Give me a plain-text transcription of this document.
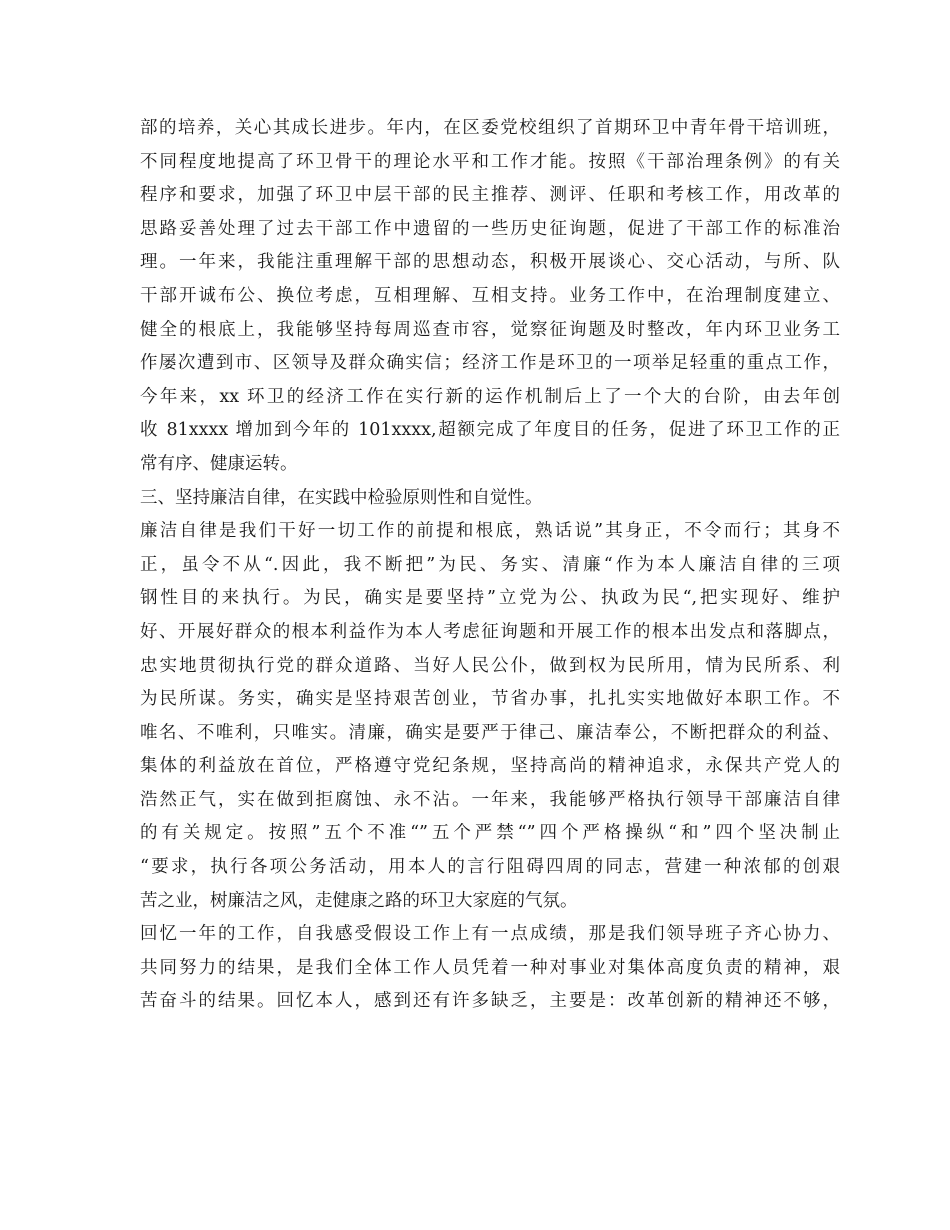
部的培养，关心其成长进步。年内，在区委党校组织了首期环卫中青年骨干培训班，
不同程度地提高了环卫骨干的理论水平和工作才能。按照《干部治理条例》的有关
程序和要求，加强了环卫中层干部的民主推荐、测评、任职和考核工作，用改革的
思路妥善处理了过去干部工作中遗留的一些历史征询题，促进了干部工作的标准治
理。一年来，我能注重理解干部的思想动态，积极开展谈心、交心活动，与所、队
干部开诚布公、换位考虑，互相理解、互相支持。业务工作中，在治理制度建立、
健全的根底上，我能够坚持每周巡查市容，觉察征询题及时整改，年内环卫业务工
作屡次遭到市、区领导及群众确实信；经济工作是环卫的一项举足轻重的重点工作，
今年来，xx 环卫的经济工作在实行新的运作机制后上了一个大的台阶，由去年创
收 81xxxx 增加到今年的 101xxxx,超额完成了年度目的任务，促进了环卫工作的正
常有序、健康运转。
三、坚持廉洁自律，在实践中检验原则性和自觉性。
廉洁自律是我们干好一切工作的前提和根底，熟话说”其身正，不令而行；其身不
正，虽令不从“.因此，我不断把”为民、务实、清廉“作为本人廉洁自律的三项
钢性目的来执行。为民，确实是要坚持”立党为公、执政为民“,把实现好、维护
好、开展好群众的根本利益作为本人考虑征询题和开展工作的根本出发点和落脚点，
忠实地贯彻执行党的群众道路、当好人民公仆，做到权为民所用，情为民所系、利
为民所谋。务实，确实是坚持艰苦创业，节省办事，扎扎实实地做好本职工作。不
唯名、不唯利，只唯实。清廉，确实是要严于律己、廉洁奉公，不断把群众的利益、
集体的利益放在首位，严格遵守党纪条规，坚持高尚的精神追求，永保共产党人的
浩然正气，实在做到拒腐蚀、永不沾。一年来，我能够严格执行领导干部廉洁自律
的有关规定。按照”五个不准“”五个严禁“”四个严格操纵“和”四个坚决制止
“要求，执行各项公务活动，用本人的言行阻碍四周的同志，营建一种浓郁的创艰
苦之业，树廉洁之风，走健康之路的环卫大家庭的气氛。
回忆一年的工作，自我感受假设工作上有一点成绩，那是我们领导班子齐心协力、
共同努力的结果，是我们全体工作人员凭着一种对事业对集体高度负责的精神，艰
苦奋斗的结果。回忆本人，感到还有许多缺乏，主要是：改革创新的精神还不够，
